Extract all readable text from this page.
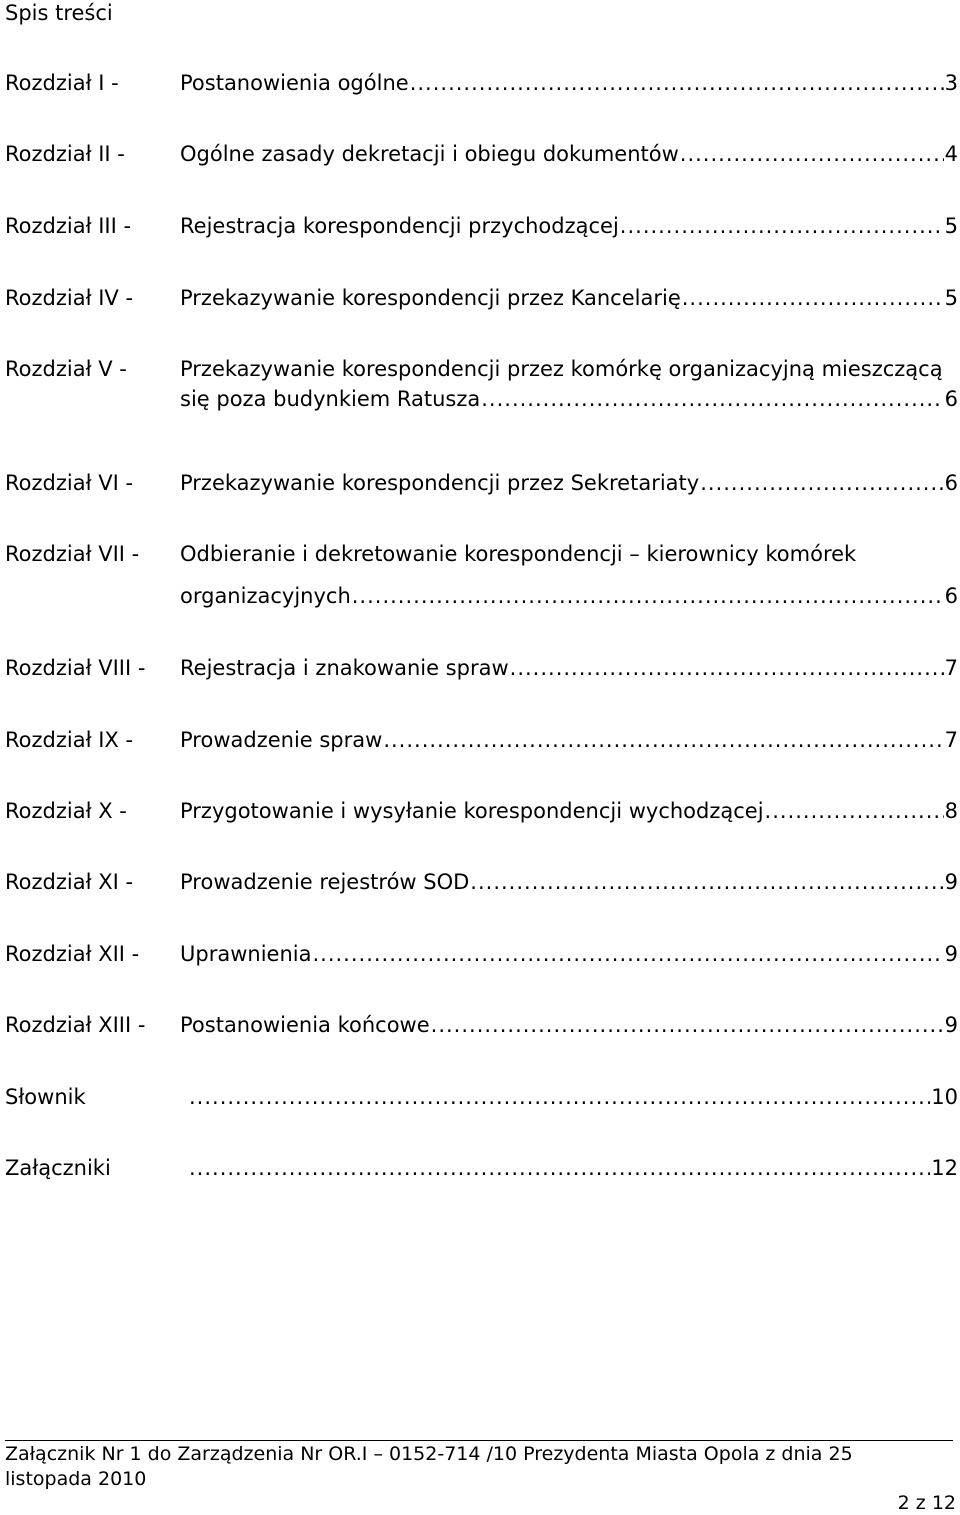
Spis treści
Rozdział I -	Postanowienia ogólne .....	3
Rozdział II -	Ogólne zasady dekretacji i obiegu dokumentów .....	4
Rozdział III - Rejestracja korespondencji przychodzącej .....	5
Rozdział IV - Przekazywanie korespondencji przez Kancelarię .....	5
Rozdział V -	Przekazywanie korespondencji przez komórkę organizacyjną mieszczącą
się poza budynkiem Ratusza .....	6
Rozdział VI - Przekazywanie korespondencji przez Sekretariaty .....	6
Rozdział VII - Odbieranie i dekretowanie korespondencji – kierownicy komórek
organizacyjnych .....	6
Rozdział VIII - Rejestracja i znakowanie spraw .....	7
Rozdział IX - Prowadzenie spraw .....	7
Rozdział X -	Przygotowanie i wysyłanie korespondencji wychodzącej .....	8
Rozdział XI - Prowadzenie rejestrów SOD .....	9
Rozdział XII - Uprawnienia .....	9
Rozdział XIII - Postanowienia końcowe .....	9
Słownik .....	10
Załączniki .....	12
Załącznik Nr 1 do Zarządzenia Nr OR.I – 0152-714 /10 Prezydenta Miasta Opola z dnia 25 listopada 2010
2 z 12
